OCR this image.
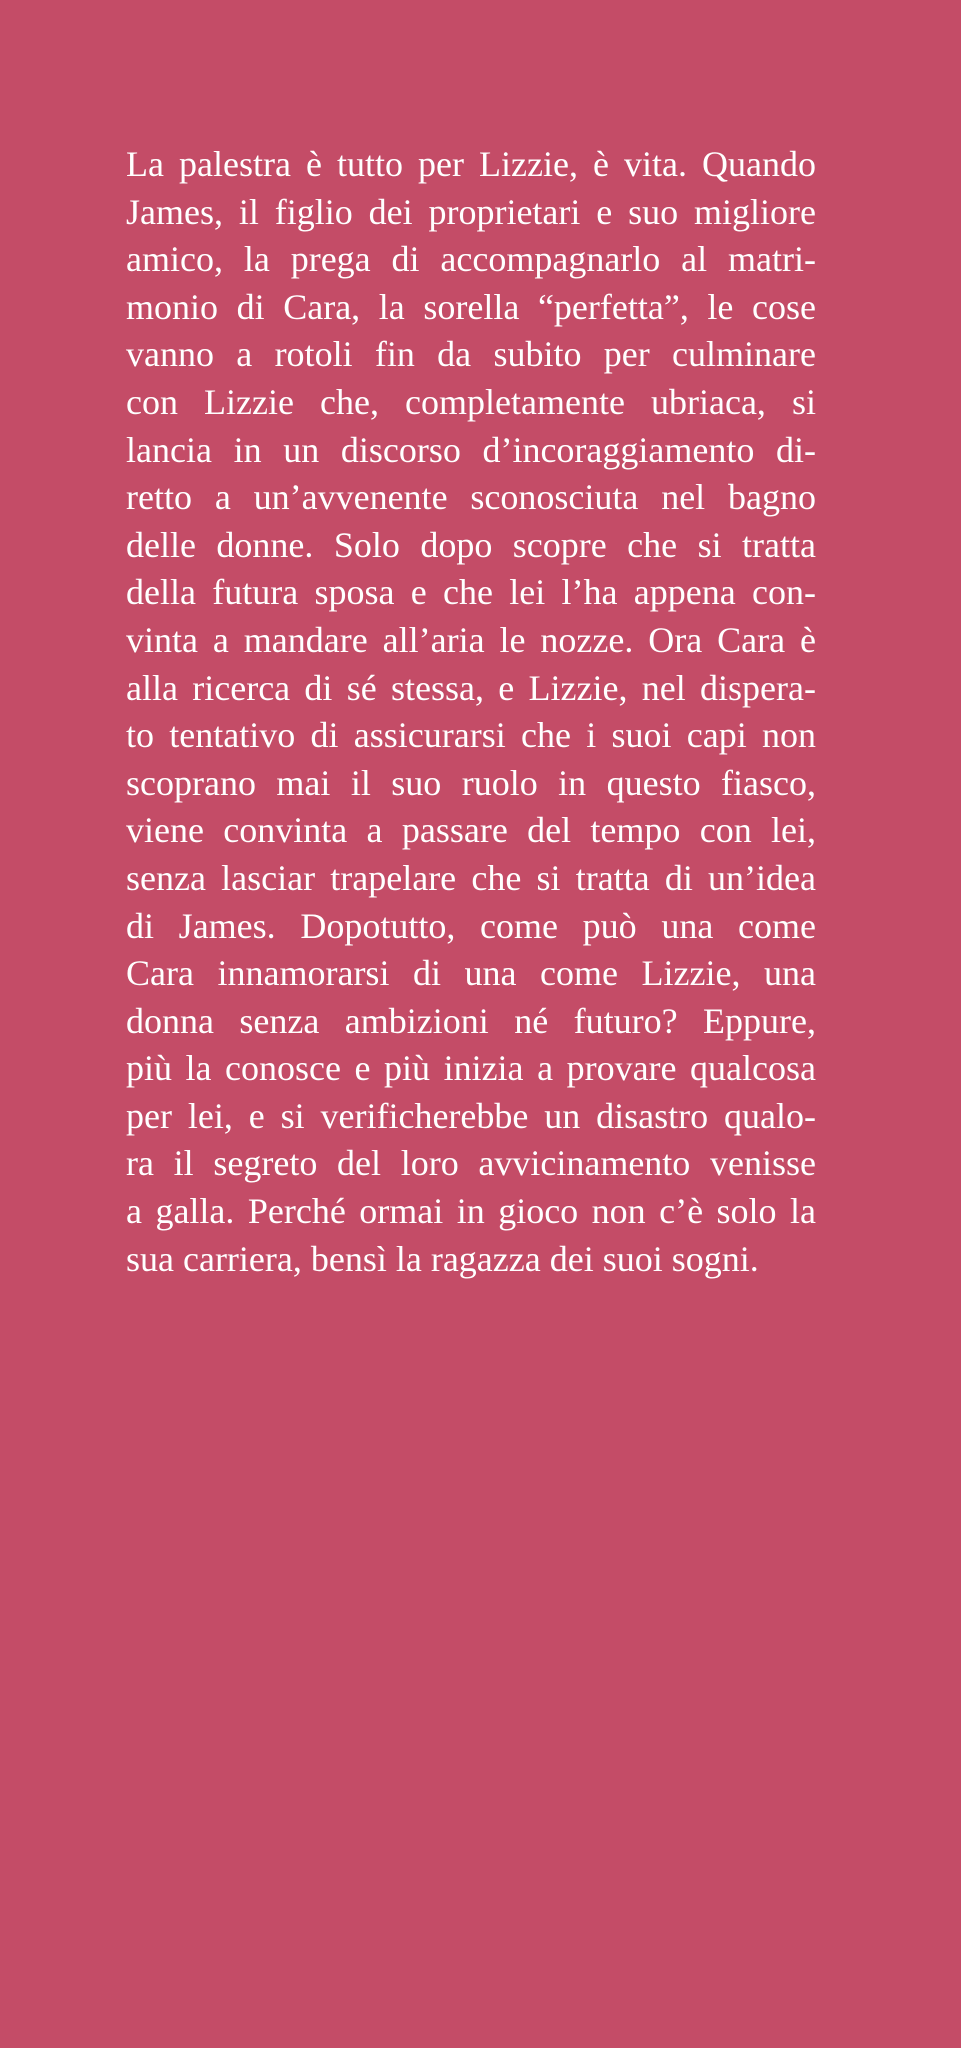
La palestra è tutto per Lizzie, è vita. Quando
James, il figlio dei proprietari e suo migliore
amico, la prega di accompagnarlo al matri-
monio di Cara, la sorella “perfetta”, le cose
vanno a rotoli fin da subito per culminare
con Lizzie che, completamente ubriaca, si
lancia in un discorso d’incoraggiamento di-
retto a un’avvenente sconosciuta nel bagno
delle donne. Solo dopo scopre che si tratta
della futura sposa e che lei l’ha appena con-
vinta a mandare all’aria le nozze. Ora Cara è
alla ricerca di sé stessa, e Lizzie, nel dispera-
to tentativo di assicurarsi che i suoi capi non
scoprano mai il suo ruolo in questo fiasco,
viene convinta a passare del tempo con lei,
senza lasciar trapelare che si tratta di un’idea
di James. Dopotutto, come può una come
Cara innamorarsi di una come Lizzie, una
donna senza ambizioni né futuro? Eppure,
più la conosce e più inizia a provare qualcosa
per lei, e si verificherebbe un disastro qualo-
ra il segreto del loro avvicinamento venisse
a galla. Perché ormai in gioco non c’è solo la
sua carriera, bensì la ragazza dei suoi sogni.
